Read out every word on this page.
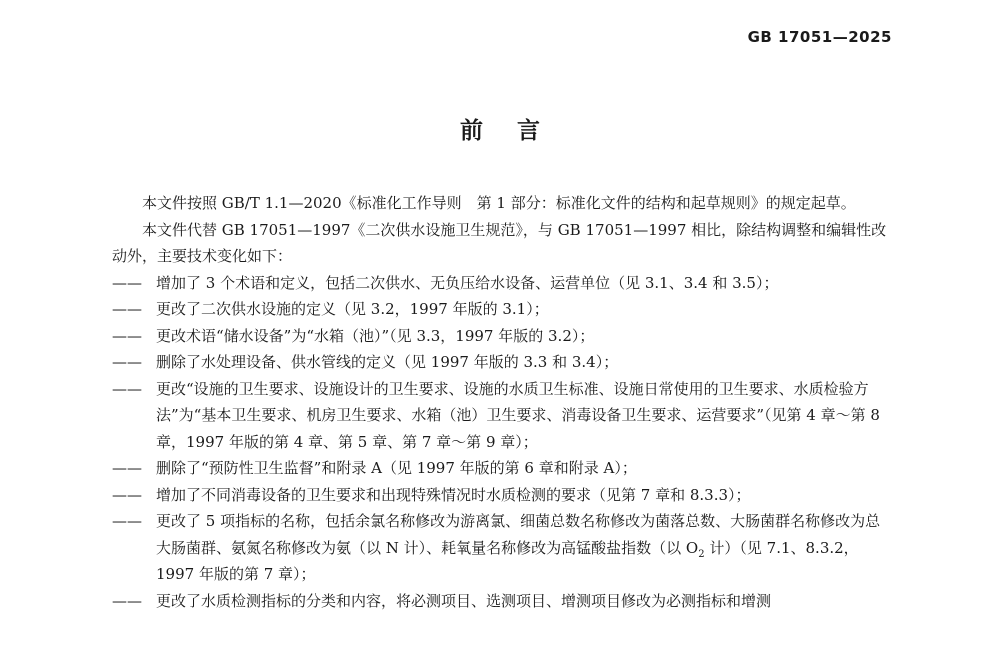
GB 17051—2025
前言

本文件按照 GB/T 1.1—2020《标准化工作导则　第 1 部分：标准化文件的结构和起草规则》的规定起草。

本文件代替 GB 17051—1997《二次供水设施卫生规范》，与 GB 17051—1997 相比，除结构调整和编辑性改动外，主要技术变化如下：

—— 增加了 3 个术语和定义，包括二次供水、无负压给水设备、运营单位（见 3.1、3.4 和 3.5）；

—— 更改了二次供水设施的定义（见 3.2，1997 年版的 3.1）；

—— 更改术语“储水设备”为“水箱（池）”（见 3.3，1997 年版的 3.2）；

—— 删除了水处理设备、供水管线的定义（见 1997 年版的 3.3 和 3.4）；

—— 更改“设施的卫生要求、设施设计的卫生要求、设施的水质卫生标准、设施日常使用的卫生要求、水质检验方法”为“基本卫生要求、机房卫生要求、水箱（池）卫生要求、消毒设备卫生要求、运营要求”（见第 4 章～第 8 章，1997 年版的第 4 章、第 5 章、第 7 章～第 9 章）；

—— 删除了“预防性卫生监督”和附录 A（见 1997 年版的第 6 章和附录 A）；

—— 增加了不同消毒设备的卫生要求和出现特殊情况时水质检测的要求（见第 7 章和 8.3.3）；

—— 更改了 5 项指标的名称，包括余氯名称修改为游离氯、细菌总数名称修改为菌落总数、大肠菌群名称修改为总大肠菌群、氨氮名称修改为氨（以 N 计）、耗氧量名称修改为高锰酸盐指数（以 $O_2$ 计）（见 7.1、8.3.2，1997 年版的第 7 章）；

—— 更改了水质检测指标的分类和内容，将必测项目、选测项目、增测项目修改为必测指标和增测
